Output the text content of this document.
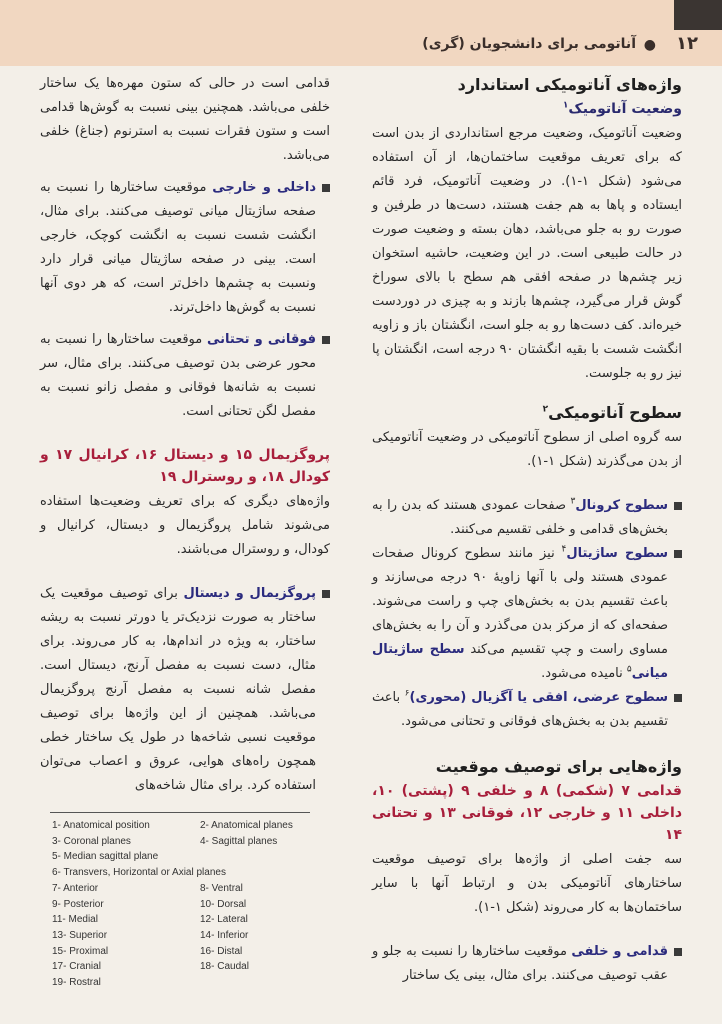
آناتومی برای دانشجویان (گری) ● ۱۲
واژه‌های آناتومیکی استاندارد
وضعیت آناتومیک$^۱$

وضعیت آناتومیک، وضعیت مرجع استانداردی از بدن است که برای تعریف موقعیت ساختمان‌ها، از آن استفاده می‌شود (شکل ۱-۱). در وضعیت آناتومیک، فرد قائم ایستاده و پاها به هم جفت هستند، دست‌ها در طرفین و صورت رو به جلو می‌باشد، دهان بسته و وضعیت صورت در حالت طبیعی است. در این وضعیت، حاشیه استخوان زیر چشم‌ها در صفحه افقی هم سطح با بالای سوراخ گوش قرار می‌گیرد، چشم‌ها بازند و به چیزی در دوردست خیره‌اند. کف دست‌ها رو به جلو است، انگشتان باز و زاویه انگشت شست با بقیه انگشتان ۹۰ درجه است، انگشتان پا نیز رو به جلوست.

سطوح آناتومیکی$^۲$

سه گروه اصلی از سطوح آناتومیکی در وضعیت آناتومیکی از بدن می‌گذرند (شکل ۱-۱).

سطوح کرونال$^۳$ صفحات عمودی هستند که بدن را به بخش‌های قدامی و خلفی تقسیم می‌کنند.
سطوح ساژیتال$^۴$ نیز مانند سطوح کرونال صفحات عمودی هستند ولی با آنها زاویهٔ ۹۰ درجه می‌سازند و باعث تقسیم بدن به بخش‌های چپ و راست می‌شوند. صفحه‌ای که از مرکز بدن می‌گذرد و آن را به بخش‌های مساوی راست و چپ تقسیم می‌کند سطح ساژیتال میانی$^۵$ نامیده می‌شود.
سطوح عرضی، افقی یا آگزیال (محوری)$^۶$ باعث تقسیم بدن به بخش‌های فوقانی و تحتانی می‌شود.
واژه‌هایی برای توصیف موقعیت
قدامی ۷ (شکمی) ۸ و خلفی ۹ (پشتی) ۱۰، داخلی ۱۱ و خارجی ۱۲، فوقانی ۱۳ و تحتانی ۱۴

سه جفت اصلی از واژه‌ها برای توصیف موقعیت ساختارهای آناتومیکی بدن و ارتباط آنها با سایر ساختمان‌ها به کار می‌روند (شکل ۱-۱).

قدامی و خلفی موقعیت ساختارها را نسبت به جلو و عقب توصیف می‌کنند. برای مثال، بینی یک ساختار

قدامی است در حالی که ستون مهره‌ها یک ساختار خلفی می‌باشد. همچنین بینی نسبت به گوش‌ها قدامی است و ستون فقرات نسبت به استرنوم (جناغ) خلفی می‌باشد.

داخلی و خارجی موقعیت ساختارها را نسبت به صفحه ساژیتال میانی توصیف می‌کنند. برای مثال، انگشت شست نسبت به انگشت کوچک، خارجی است. بینی در صفحه ساژیتال میانی قرار دارد ونسبت به چشم‌ها داخل‌تر است، که هر دوی آنها نسبت به گوش‌ها داخل‌ترند.
فوقانی و تحتانی موقعیت ساختارها را نسبت به محور عرضی بدن توصیف می‌کنند. برای مثال، سر نسبت به شانه‌ها فوقانی و مفصل زانو نسبت به مفصل لگن تحتانی است.
پروگزیمال ۱۵ و دیستال ۱۶، کرانیال ۱۷ و کودال ۱۸، و روسترال ۱۹

واژه‌های دیگری که برای تعریف وضعیت‌ها استفاده می‌شوند شامل پروگزیمال و دیستال، کرانیال و کودال، و روسترال می‌باشند.

پروگزیمال و دیستال برای توصیف موقعیت یک ساختار به صورت نزدیک‌تر یا دورتر نسبت به ریشه ساختار، به ویژه در اندام‌ها، به کار می‌روند. برای مثال، دست نسبت به مفصل آرنج، دیستال است. مفصل شانه نسبت به مفصل آرنج پروگزیمال می‌باشد. همچنین از این واژه‌ها برای توصیف موقعیت نسبی شاخه‌ها در طول یک ساختار خطی همچون راه‌های هوایی، عروق و اعصاب می‌توان استفاده کرد. برای مثال شاخه‌های
1- Anatomical position	2- Anatomical planes
3- Coronal planes	4- Sagittal planes
5- Median sagittal plane
6- Transvers, Horizontal or Axial planes
7- Anterior	8- Ventral
9- Posterior	10- Dorsal
11- Medial	12- Lateral
13- Superior	14- Inferior
15- Proximal	16- Distal
17- Cranial	18- Caudal
19- Rostral
